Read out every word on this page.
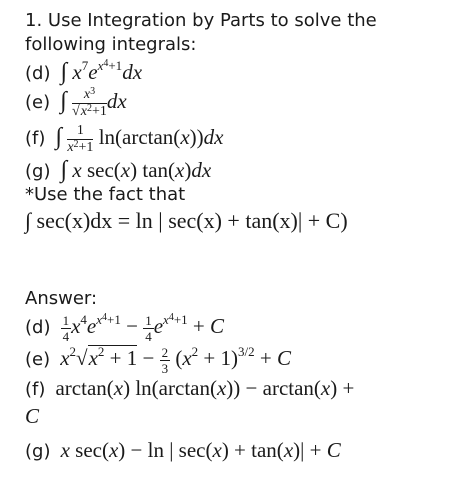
1. Use Integration by Parts to solve the
following integrals:
(d) ∫ $x^7e^{x^4+1}dx$
(e) ∫ $\frac{x^3}{√x^2+1}$ dx
(f) ∫ $\frac{1}{x^2+1} \ln(\arctan(x))dx$
(g) ∫ x sec(x) tan(x)dx
*Use the fact that
∫ sec(x)dx = ln | sec(x) + tan(x)| + C)
Answer:
$(d) \frac{1}{4} x^4e^{x^4+1} - \frac{1}{4} e^{x^4+1} + C$
(e) $x^2√x^2 + 1 - \frac{2}{3} (x^2 + 1)^{3/2} + C$
(f) arctan(x) ln(arctan(x)) − arctan(x) +
C
(g) x sec(x) − ln | sec(x) + tan(x)| + C
